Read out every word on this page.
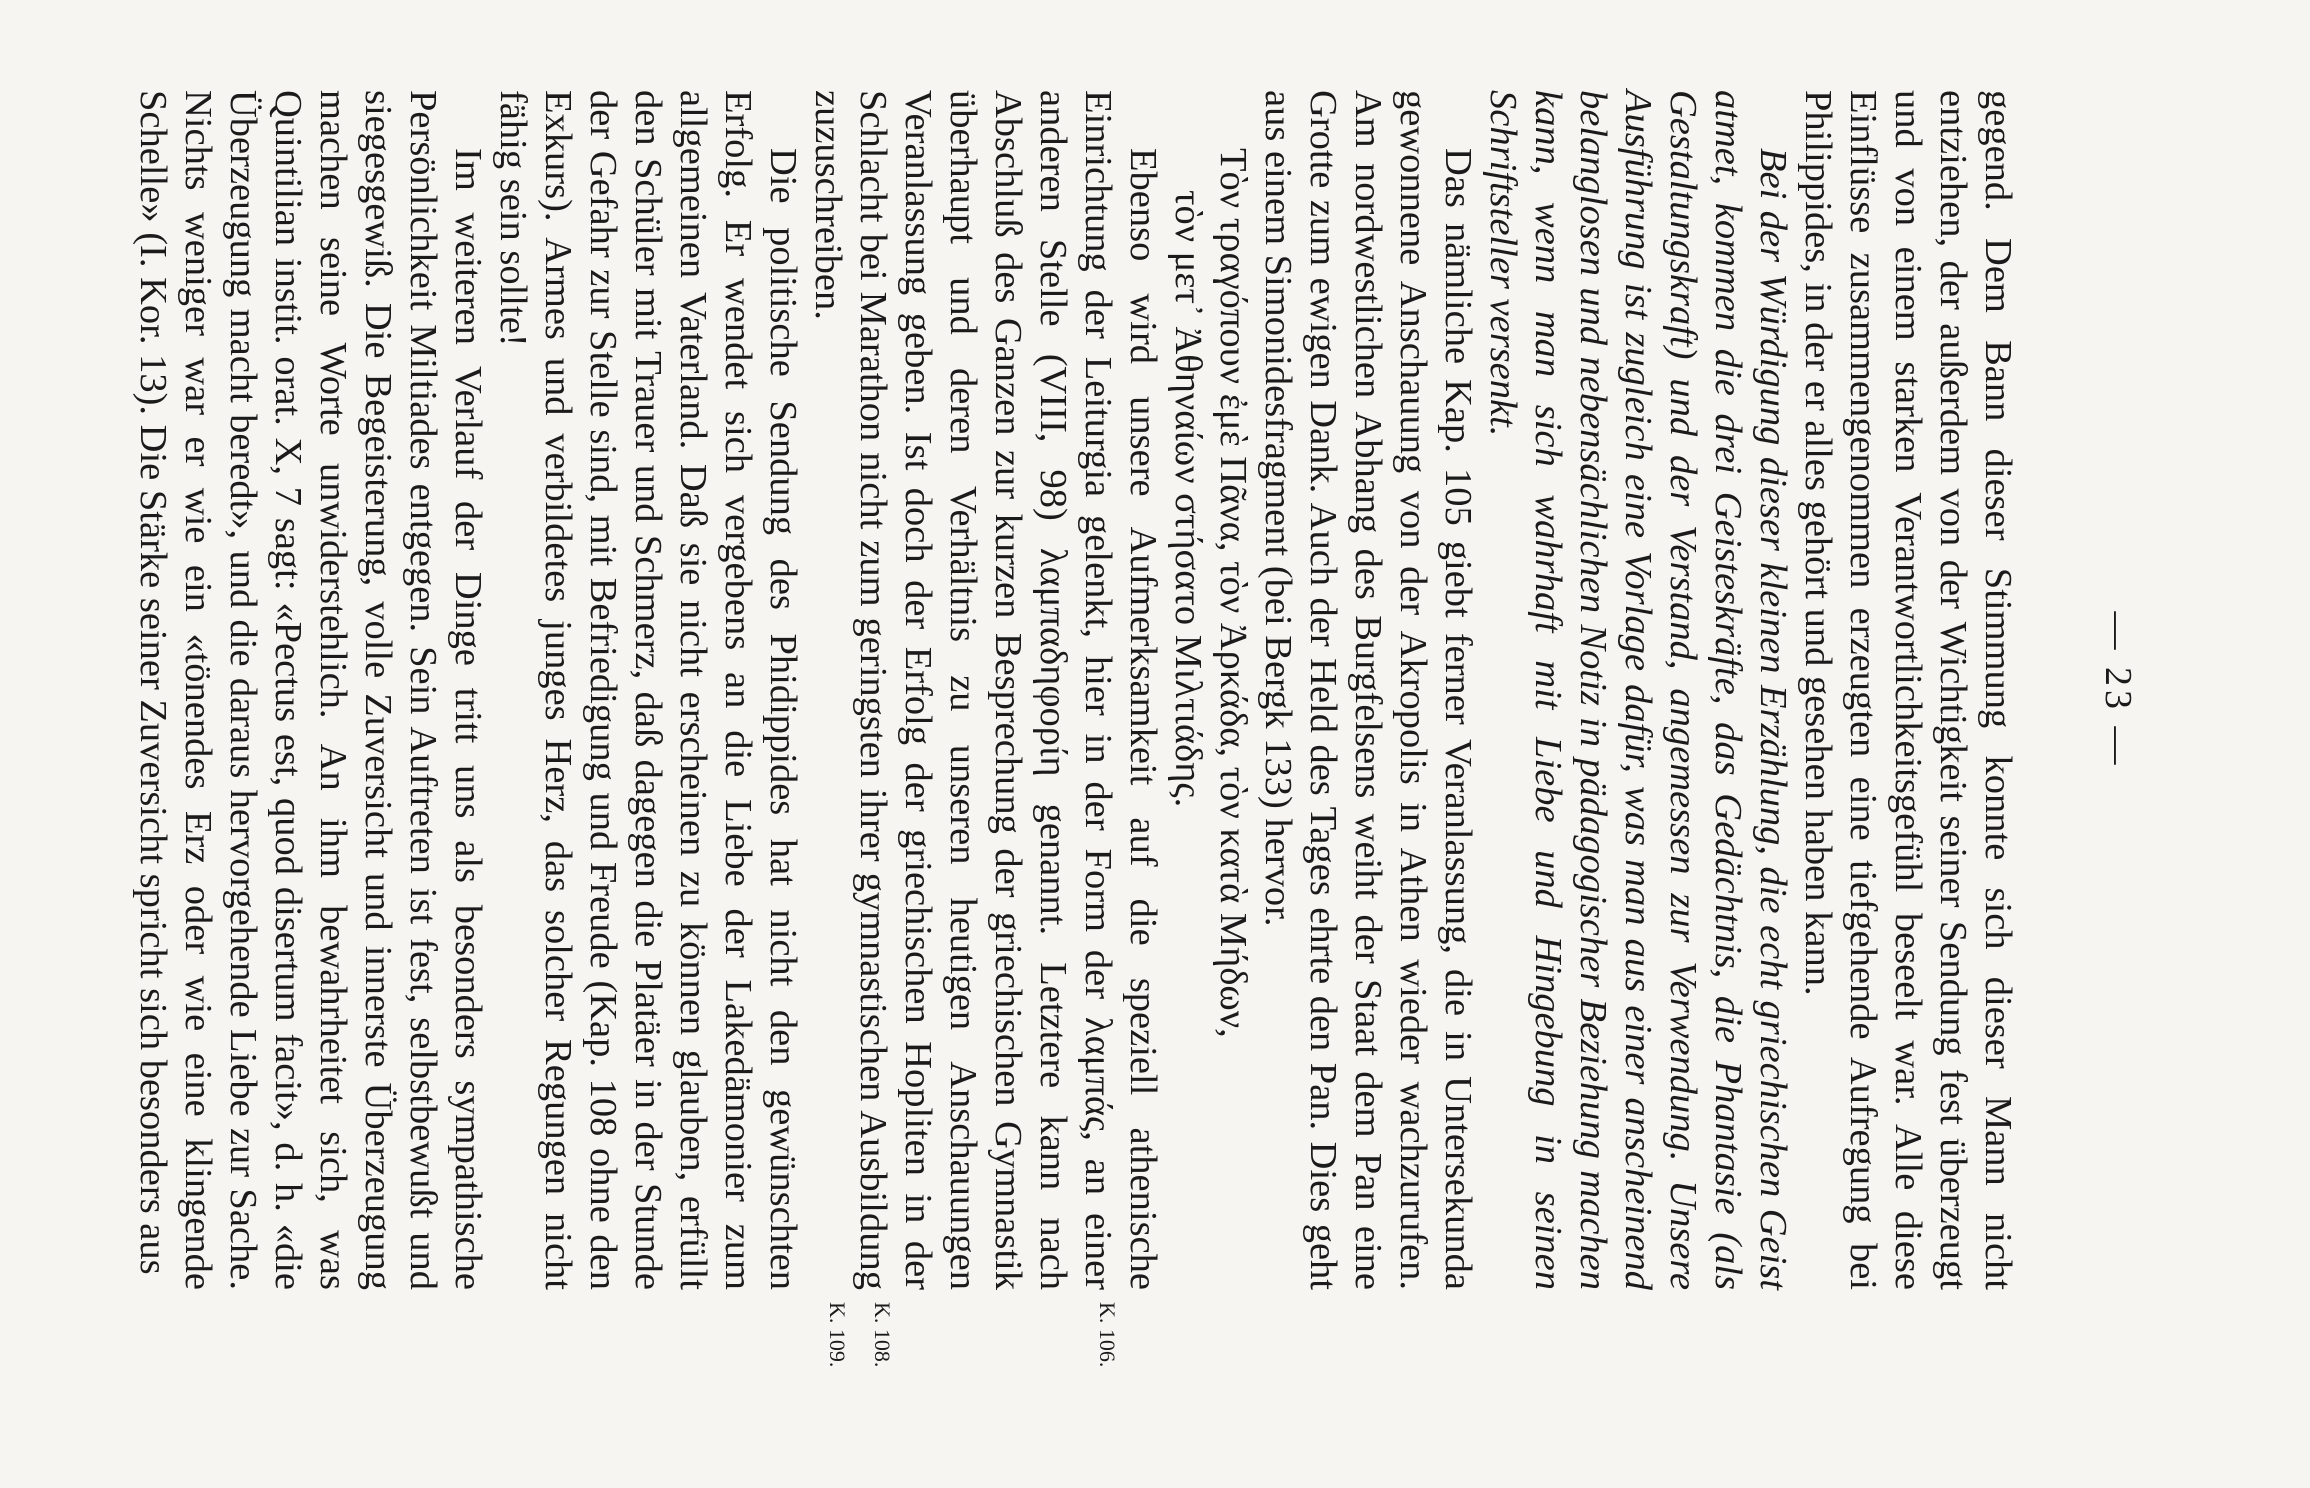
— 23 —

gegend. Dem Bann dieser Stimmung konnte sich dieser Mann nicht entziehen, der außerdem von der Wichtigkeit seiner Sendung fest überzeugt und von einem starken Verantwortlichkeitsgefühl beseelt war. Alle diese Einflüsse zusammengenommen erzeugten eine tiefgehende Aufregung bei Philippides, in der er alles gehört und gesehen haben kann.

Bei der Würdigung dieser kleinen Erzählung, die echt griechischen Geist atmet, kommen die drei Geisteskräfte, das Gedächtnis, die Phantasie (als Gestaltungskraft) und der Verstand, angemessen zur Verwendung. Unsere Ausführung ist zugleich eine Vorlage dafür, was man aus einer anscheinend belanglosen und nebensächlichen Notiz in pädagogischer Beziehung machen kann, wenn man sich wahrhaft mit Liebe und Hingebung in seinen Schriftsteller versenkt.

Das nämliche Kap. 105 giebt ferner Veranlassung, die in Untersekunda gewonnene Anschauung von der Akropolis in Athen wieder wachzurufen. Am nordwestlichen Abhang des Burgfelsens weiht der Staat dem Pan eine Grotte zum ewigen Dank. Auch der Held des Tages ehrte den Pan. Dies geht aus einem Simonidesfragment (bei Bergk 133) hervor.

Τὸν τραγόπουν ἐμὲ Πᾶνα, τὸν Ἀρκάδα, τὸν κατὰ Μήδων,

τὸν μετ᾽ Ἀθηναίων στήσατο Μιλτιάδης.

Ebenso wird unsere Aufmerksamkeit auf die speziell athenische Einrichtung der Leiturgia gelenkt, hier in der Form der λαμπάς, an einer anderen Stelle (VIII, 98) λαμπαδηφορίη genannt. Letztere kann nach Abschluß des Ganzen zur kurzen Besprechung der griechischen Gymnastik überhaupt und deren Verhältnis zu unseren heutigen Anschauungen Veranlassung geben. Ist doch der Erfolg der griechischen Hopliten in der Schlacht bei Marathon nicht zum geringsten ihrer gymnastischen Ausbildung zuzuschreiben.

Die politische Sendung des Phidippides hat nicht den gewünschten Erfolg. Er wendet sich vergebens an die Liebe der Lakedämonier zum allgemeinen Vaterland. Daß sie nicht erscheinen zu können glauben, erfüllt den Schüler mit Trauer und Schmerz, daß dagegen die Platäer in der Stunde der Gefahr zur Stelle sind, mit Befriedigung und Freude (Kap. 108 ohne den Exkurs). Armes und verbildetes junges Herz, das solcher Regungen nicht fähig sein sollte!

Im weiteren Verlauf der Dinge tritt uns als besonders sympathische Persönlichkeit Miltiades entgegen. Sein Auftreten ist fest, selbstbewußt und siegesgewiß. Die Begeisterung, volle Zuversicht und innerste Überzeugung machen seine Worte unwiderstehlich. An ihm bewahrheitet sich, was Quintilian instit. orat. X, 7 sagt: «Pectus est, quod disertum facit», d. h. «die Überzeugung macht beredt», und die daraus hervorgehende Liebe zur Sache. Nichts weniger war er wie ein «tönendes Erz oder wie eine klingende Schelle» (I. Kor. 13). Die Stärke seiner Zuversicht spricht sich besonders aus

K. 106.
K. 108.
K. 109.
